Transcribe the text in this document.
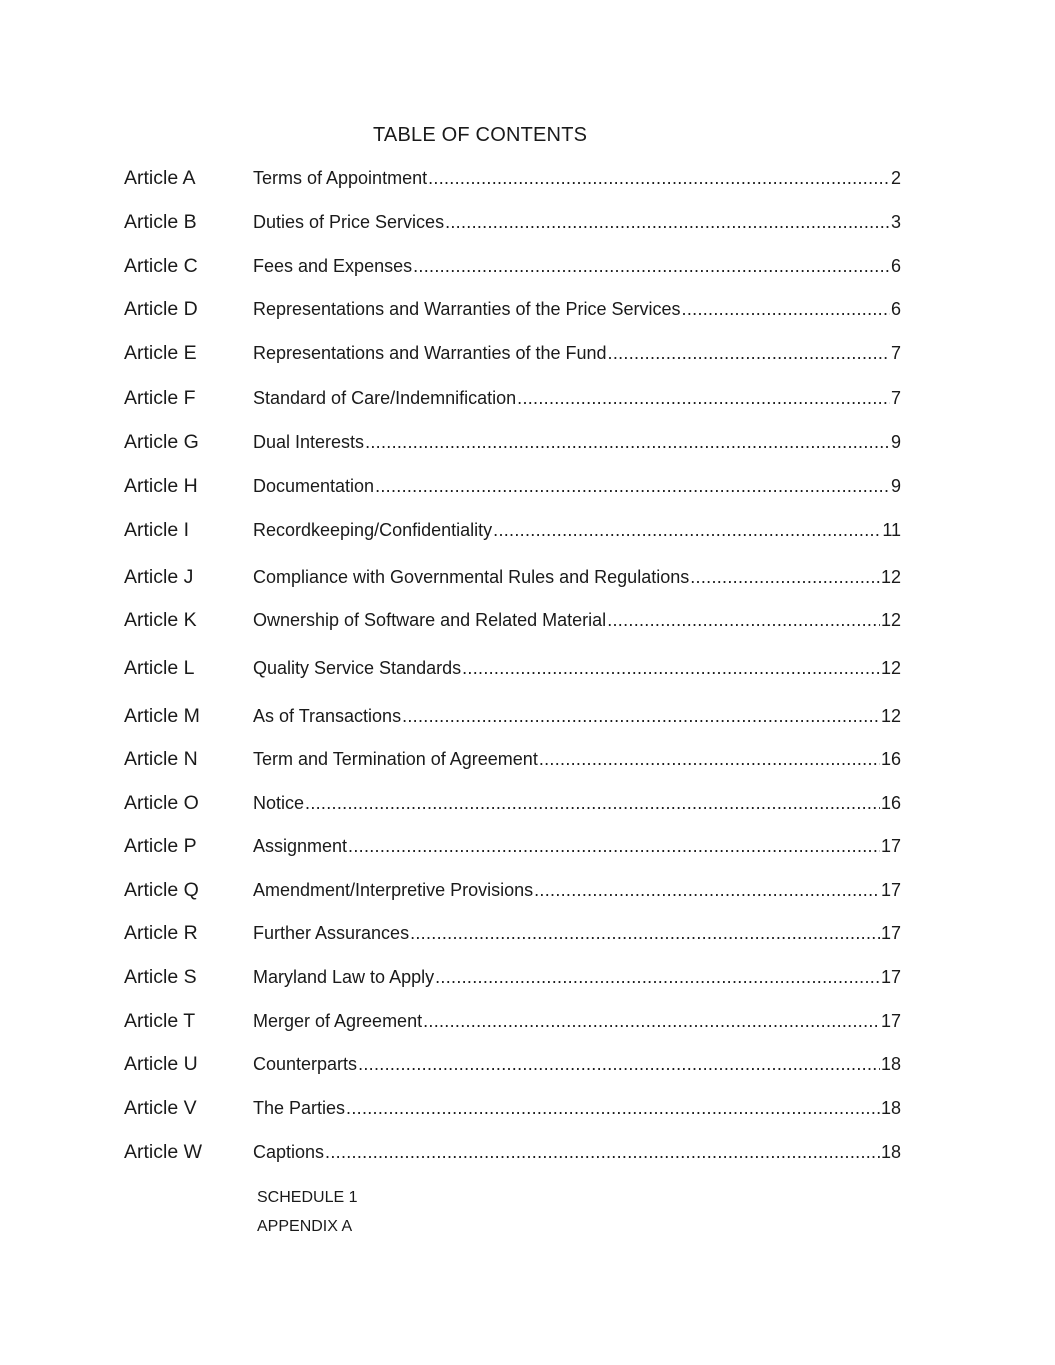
TABLE OF CONTENTS
Article A	Terms of Appointment .....	2
Article B	Duties of Price Services .....	3
Article C	Fees and Expenses .....	6
Article D	Representations and Warranties of the Price Services .....	6
Article E	Representations and Warranties of the Fund .....	7
Article F	Standard of Care/Indemnification .....	7
Article G	Dual Interests .....	9
Article H	Documentation .....	9
Article I	Recordkeeping/Confidentiality .....	11
Article J	Compliance with Governmental Rules and Regulations .....	12
Article K	Ownership of Software and Related Material .....	12
Article L	Quality Service Standards .....	12
Article M	As of Transactions .....	12
Article N	Term and Termination of Agreement .....	16
Article O	Notice .....	16
Article P	Assignment .....	17
Article Q	Amendment/Interpretive Provisions .....	17
Article R	Further Assurances .....	17
Article S	Maryland Law to Apply .....	17
Article T	Merger of Agreement .....	17
Article U	Counterparts .....	18
Article V	The Parties .....	18
Article W	Captions .....	18
SCHEDULE 1
APPENDIX A
